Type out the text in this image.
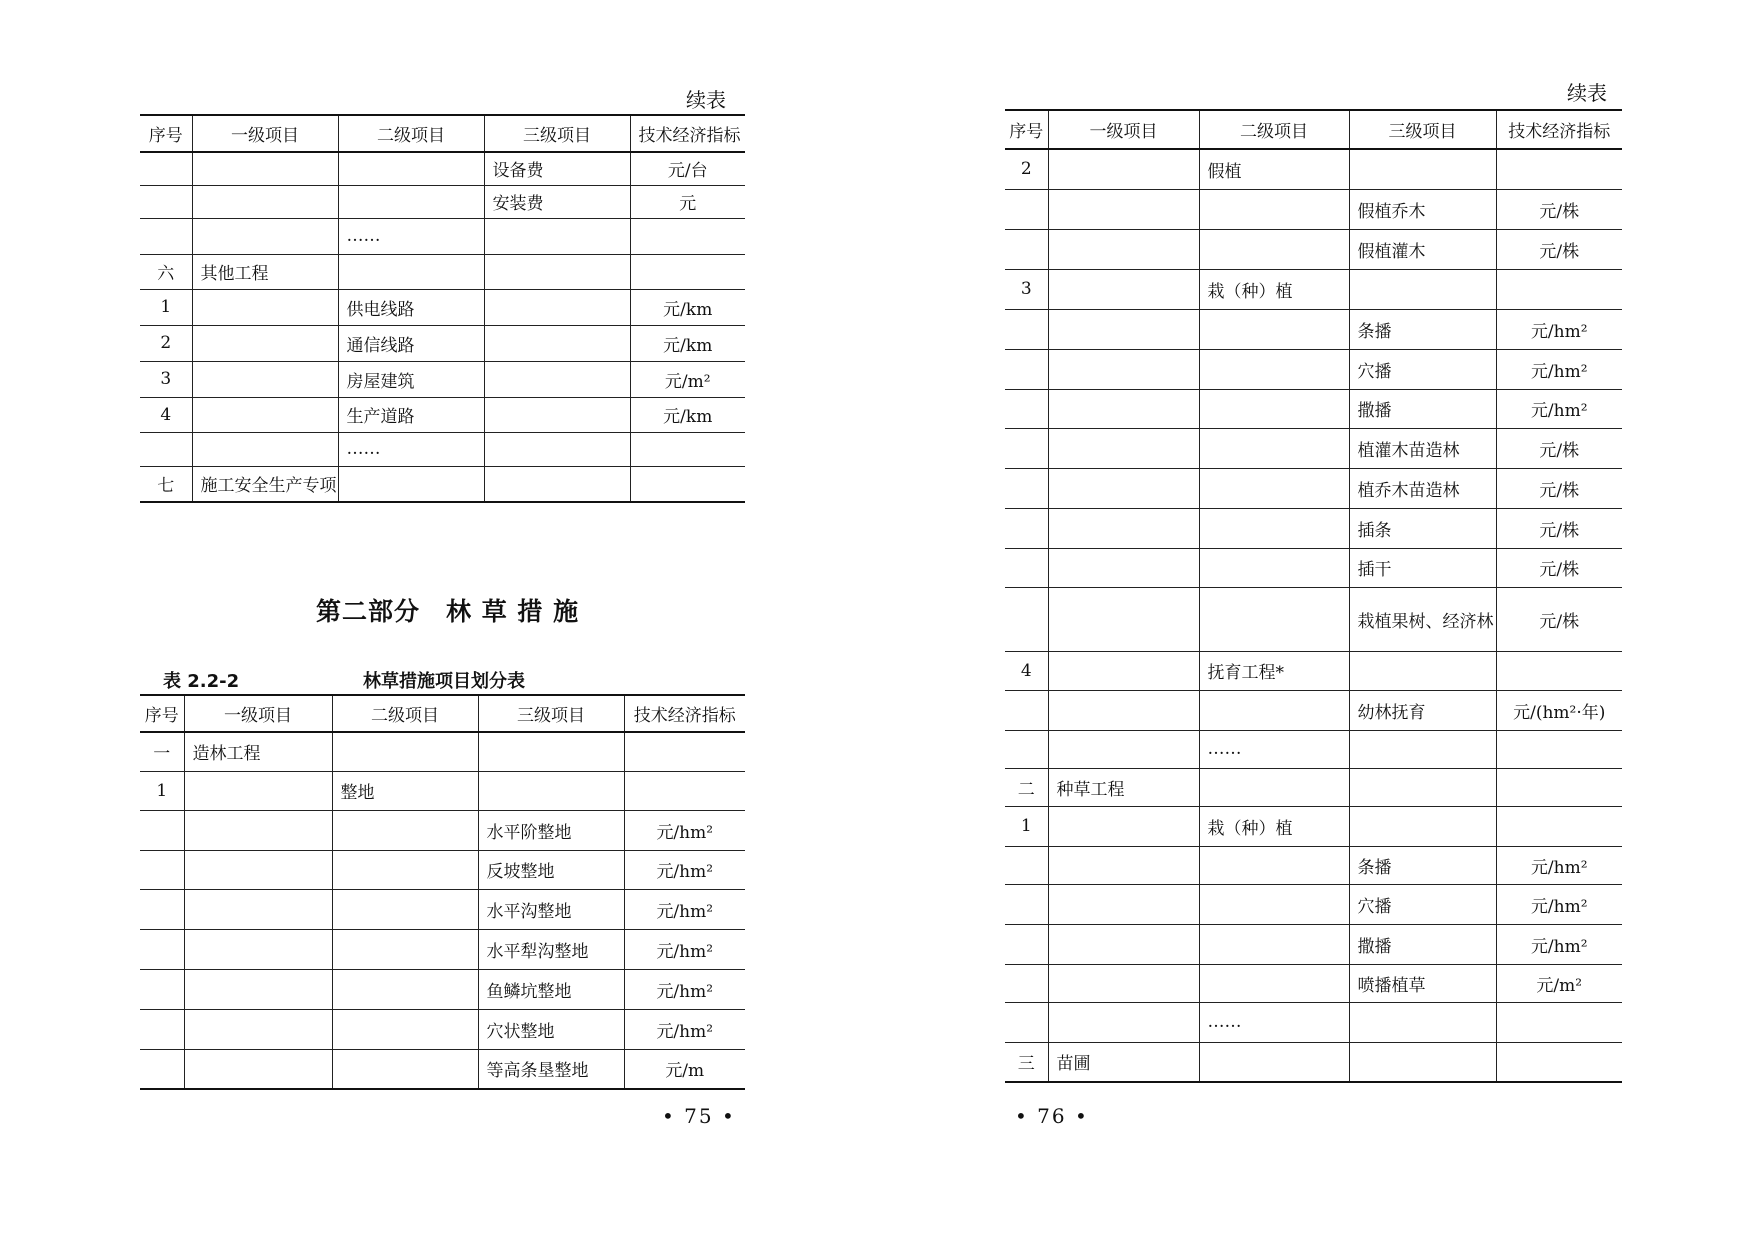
续表
序号	一级项目	二级项目	三级项目	技术经济指标
			设备费	元/台
			安装费	元
		……		
六	其他工程			
1		供电线路		元/km
2		通信线路		元/km
3		房屋建筑		元/m²
4		生产道路		元/km
		……		
七	施工安全生产专项			
第二部分　林 草 措 施
表 2.2-2	林草措施项目划分表
序号	一级项目	二级项目	三级项目	技术经济指标
一	造林工程			
1		整地		
			水平阶整地	元/hm²
			反坡整地	元/hm²
			水平沟整地	元/hm²
			水平犁沟整地	元/hm²
			鱼鳞坑整地	元/hm²
			穴状整地	元/hm²
			等高条垦整地	元/m
• 75 •
续表
序号	一级项目	二级项目	三级项目	技术经济指标
2		假植		
			假植乔木	元/株
			假植灌木	元/株
3		栽（种）植		
			条播	元/hm²
			穴播	元/hm²
			撒播	元/hm²
			植灌木苗造林	元/株
			植乔木苗造林	元/株
			插条	元/株
			插干	元/株
			栽植果树、经济林	元/株
4		抚育工程*		
			幼林抚育	元/(hm²·年)
		……		
二	种草工程			
1		栽（种）植		
			条播	元/hm²
			穴播	元/hm²
			撒播	元/hm²
			喷播植草	元/m²
		……		
三	苗圃			
• 76 •
